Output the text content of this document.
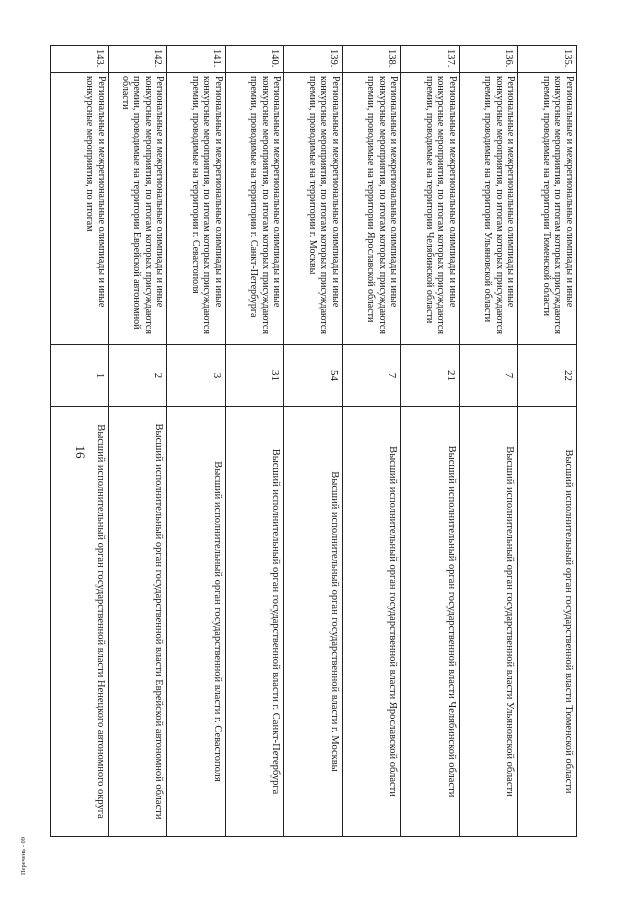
16
Перечень - 09
135.
Региональные и межрегиональные олимпиады и иные конкурсные мероприятия, по итогам которых присуждаются премии, проводимые на территории Тюменской области
22
Высший исполнительный орган государственной власти Тюменской области
136.
Региональные и межрегиональные олимпиады и иные конкурсные мероприятия, по итогам которых присуждаются премии, проводимые на территории Ульяновской области
7
Высший исполнительный орган государственной власти Ульяновской области
137.
Региональные и межрегиональные олимпиады и иные конкурсные мероприятия, по итогам которых присуждаются премии, проводимые на территории Челябинской области
21
Высший исполнительный орган государственной власти Челябинской области
138.
Региональные и межрегиональные олимпиады и иные конкурсные мероприятия, по итогам которых присуждаются премии, проводимые на территории Ярославской области
7
Высший исполнительный орган государственной власти Ярославской области
139.
Региональные и межрегиональные олимпиады и иные конкурсные мероприятия, по итогам которых присуждаются премии, проводимые на территории г. Москвы
54
Высший исполнительный орган государственной власти г. Москвы
140.
Региональные и межрегиональные олимпиады и иные конкурсные мероприятия, по итогам которых присуждаются премии, проводимые на территории г. Санкт-Петербурга
31
Высший исполнительный орган государственной власти г. Санкт-Петербурга
141.
Региональные и межрегиональные олимпиады и иные конкурсные мероприятия, по итогам которых присуждаются премии, проводимые на территории г. Севастополя
3
Высший исполнительный орган государственной власти г. Севастополя
142.
Региональные и межрегиональные олимпиады и иные конкурсные мероприятия, по итогам которых присуждаются премии, проводимые на территории Еврейской автономной области
2
Высший исполнительный орган государственной власти Еврейской автономной области
143.
Региональные и межрегиональные олимпиады и иные конкурсные мероприятия, по итогам
1
Высший исполнительный орган государственной власти Ненецкого автономного округа
